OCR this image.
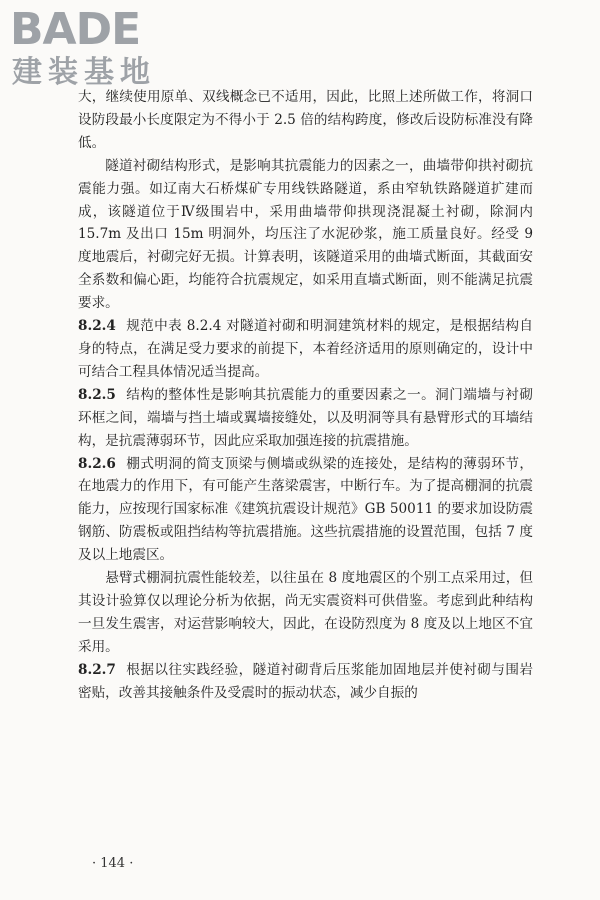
BADE
建装基地

大，继续使用原单、双线概念已不适用，因此，比照上述所做工作，将洞口设防段最小长度限定为不得小于 2.5 倍的结构跨度，修改后设防标准没有降低。

隧道衬砌结构形式，是影响其抗震能力的因素之一，曲墙带仰拱衬砌抗震能力强。如辽南大石桥煤矿专用线铁路隧道，系由窄轨铁路隧道扩建而成，该隧道位于Ⅳ级围岩中，采用曲墙带仰拱现浇混凝土衬砌，除洞内 15.7m 及出口 15m 明洞外，均压注了水泥砂浆，施工质量良好。经受 9 度地震后，衬砌完好无损。计算表明，该隧道采用的曲墙式断面，其截面安全系数和偏心距，均能符合抗震规定，如采用直墙式断面，则不能满足抗震要求。

8.2.4 规范中表 8.2.4 对隧道衬砌和明洞建筑材料的规定，是根据结构自身的特点，在满足受力要求的前提下，本着经济适用的原则确定的，设计中可结合工程具体情况适当提高。

8.2.5 结构的整体性是影响其抗震能力的重要因素之一。洞门端墙与衬砌环框之间，端墙与挡土墙或翼墙接缝处，以及明洞等具有悬臂形式的耳墙结构，是抗震薄弱环节，因此应采取加强连接的抗震措施。

8.2.6 棚式明洞的简支顶梁与侧墙或纵梁的连接处，是结构的薄弱环节，在地震力的作用下，有可能产生落梁震害，中断行车。为了提高棚洞的抗震能力，应按现行国家标准《建筑抗震设计规范》GB 50011 的要求加设防震钢筋、防震板或阻挡结构等抗震措施。这些抗震措施的设置范围，包括 7 度及以上地震区。

悬臂式棚洞抗震性能较差，以往虽在 8 度地震区的个别工点采用过，但其设计验算仅以理论分析为依据，尚无实震资料可供借鉴。考虑到此种结构一旦发生震害，对运营影响较大，因此，在设防烈度为 8 度及以上地区不宜采用。

8.2.7 根据以往实践经验，隧道衬砌背后压浆能加固地层并使衬砌与围岩密贴，改善其接触条件及受震时的振动状态，减少自振的

· 144 ·
